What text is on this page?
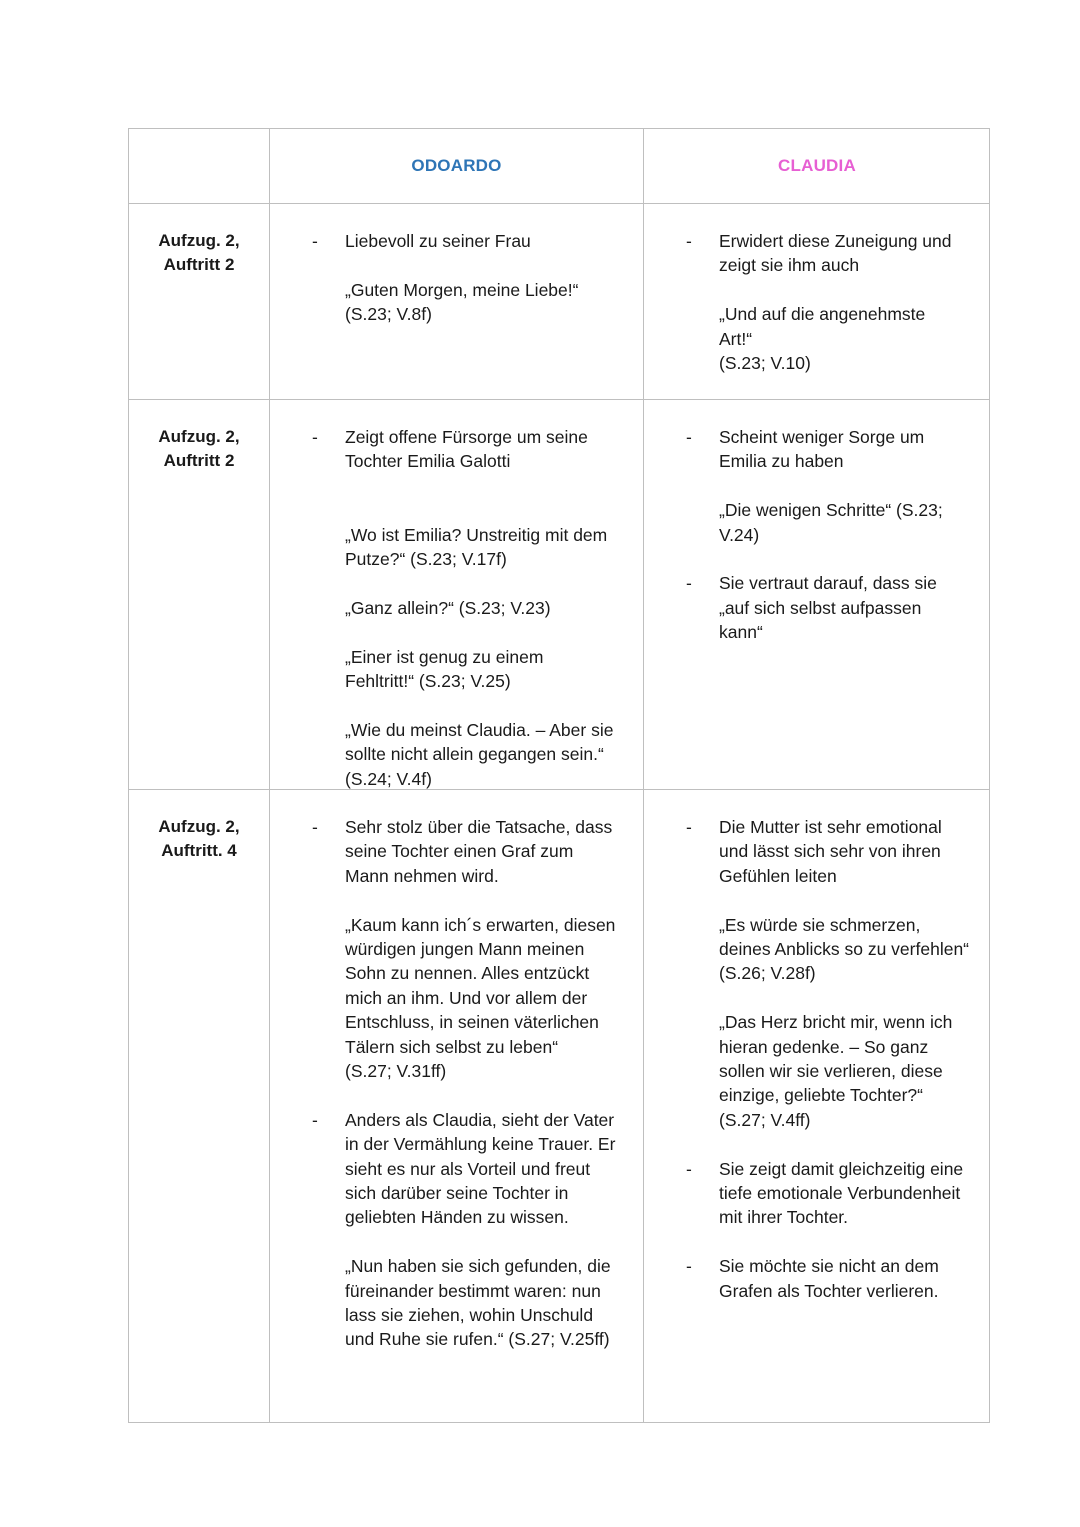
ODOARDO	CLAUDIA
Aufzug. 2,
Auftritt 2
Aufzug. 2,
Auftritt 2
Aufzug. 2,
Auftritt. 4
- Liebevoll zu seiner Frau
„Guten Morgen, meine Liebe!“
(S.23; V.8f)
- Erwidert diese Zuneigung und
zeigt sie ihm auch
„Und auf die angenehmste
Art!“
(S.23; V.10)
- Zeigt offene Fürsorge um seine
Tochter Emilia Galotti
„Wo ist Emilia? Unstreitig mit dem
Putze?“ (S.23; V.17f)
„Ganz allein?“ (S.23; V.23)
„Einer ist genug zu einem
Fehltritt!“ (S.23; V.25)
„Wie du meinst Claudia. – Aber sie
sollte nicht allein gegangen sein.“
(S.24; V.4f)
- Scheint weniger Sorge um
Emilia zu haben
„Die wenigen Schritte“ (S.23;
V.24)
- Sie vertraut darauf, dass sie
„auf sich selbst aufpassen
kann“
- Sehr stolz über die Tatsache, dass
seine Tochter einen Graf zum
Mann nehmen wird.
„Kaum kann ich´s erwarten, diesen
würdigen jungen Mann meinen
Sohn zu nennen. Alles entzückt
mich an ihm. Und vor allem der
Entschluss, in seinen väterlichen
Tälern sich selbst zu leben“
(S.27; V.31ff)
- Anders als Claudia, sieht der Vater
in der Vermählung keine Trauer. Er
sieht es nur als Vorteil und freut
sich darüber seine Tochter in
geliebten Händen zu wissen.
„Nun haben sie sich gefunden, die
füreinander bestimmt waren: nun
lass sie ziehen, wohin Unschuld
und Ruhe sie rufen.“ (S.27; V.25ff)
- Die Mutter ist sehr emotional
und lässt sich sehr von ihren
Gefühlen leiten
„Es würde sie schmerzen,
deines Anblicks so zu verfehlen“
(S.26; V.28f)
„Das Herz bricht mir, wenn ich
hieran gedenke. – So ganz
sollen wir sie verlieren, diese
einzige, geliebte Tochter?“
(S.27; V.4ff)
- Sie zeigt damit gleichzeitig eine
tiefe emotionale Verbundenheit
mit ihrer Tochter.
- Sie möchte sie nicht an dem
Grafen als Tochter verlieren.
